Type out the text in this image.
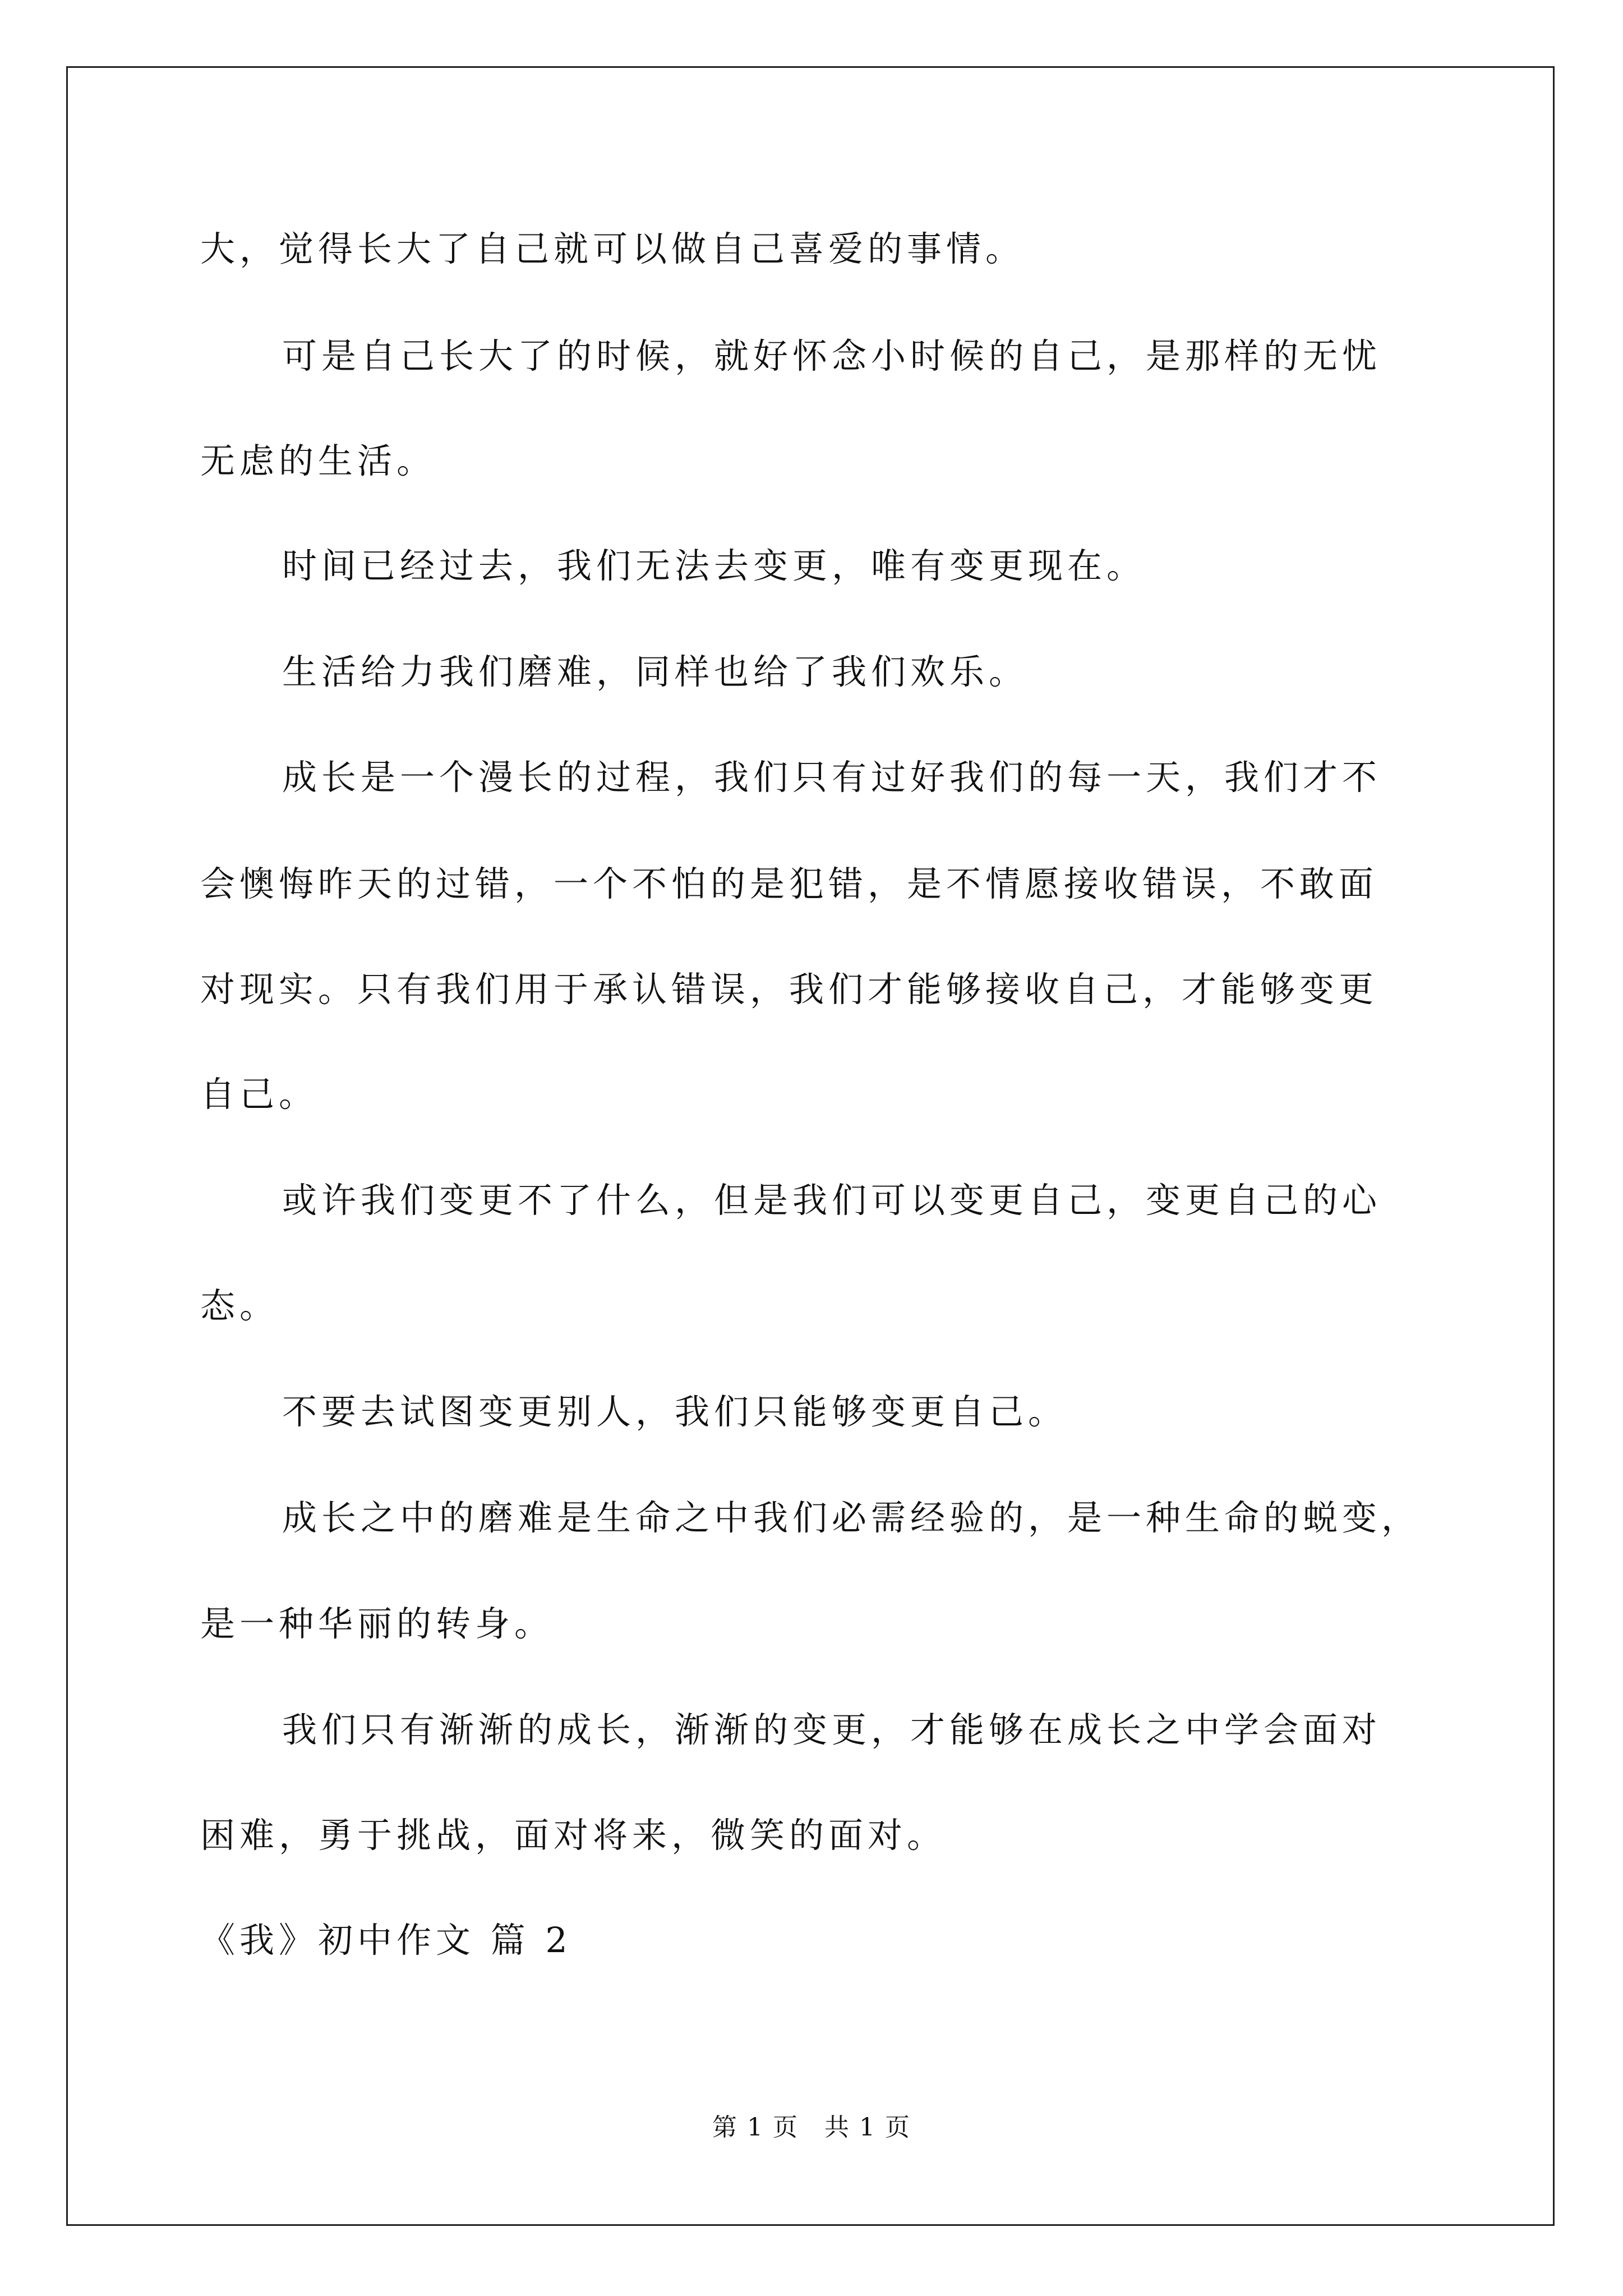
大，觉得长大了自己就可以做自己喜爱的事情。
可是自己长大了的时候，就好怀念小时候的自己，是那样的无忧
无虑的生活。
时间已经过去，我们无法去变更，唯有变更现在。
生活给力我们磨难，同样也给了我们欢乐。
成长是一个漫长的过程，我们只有过好我们的每一天，我们才不
会懊悔昨天的过错，一个不怕的是犯错，是不情愿接收错误，不敢面
对现实。只有我们用于承认错误，我们才能够接收自己，才能够变更
自己。
或许我们变更不了什么，但是我们可以变更自己，变更自己的心
态。
不要去试图变更别人，我们只能够变更自己。
成长之中的磨难是生命之中我们必需经验的，是一种生命的蜕变，
是一种华丽的转身。
我们只有渐渐的成长，渐渐的变更，才能够在成长之中学会面对
困难，勇于挑战，面对将来，微笑的面对。
《我》初中作文 篇 2
第 1 页　共 1 页
